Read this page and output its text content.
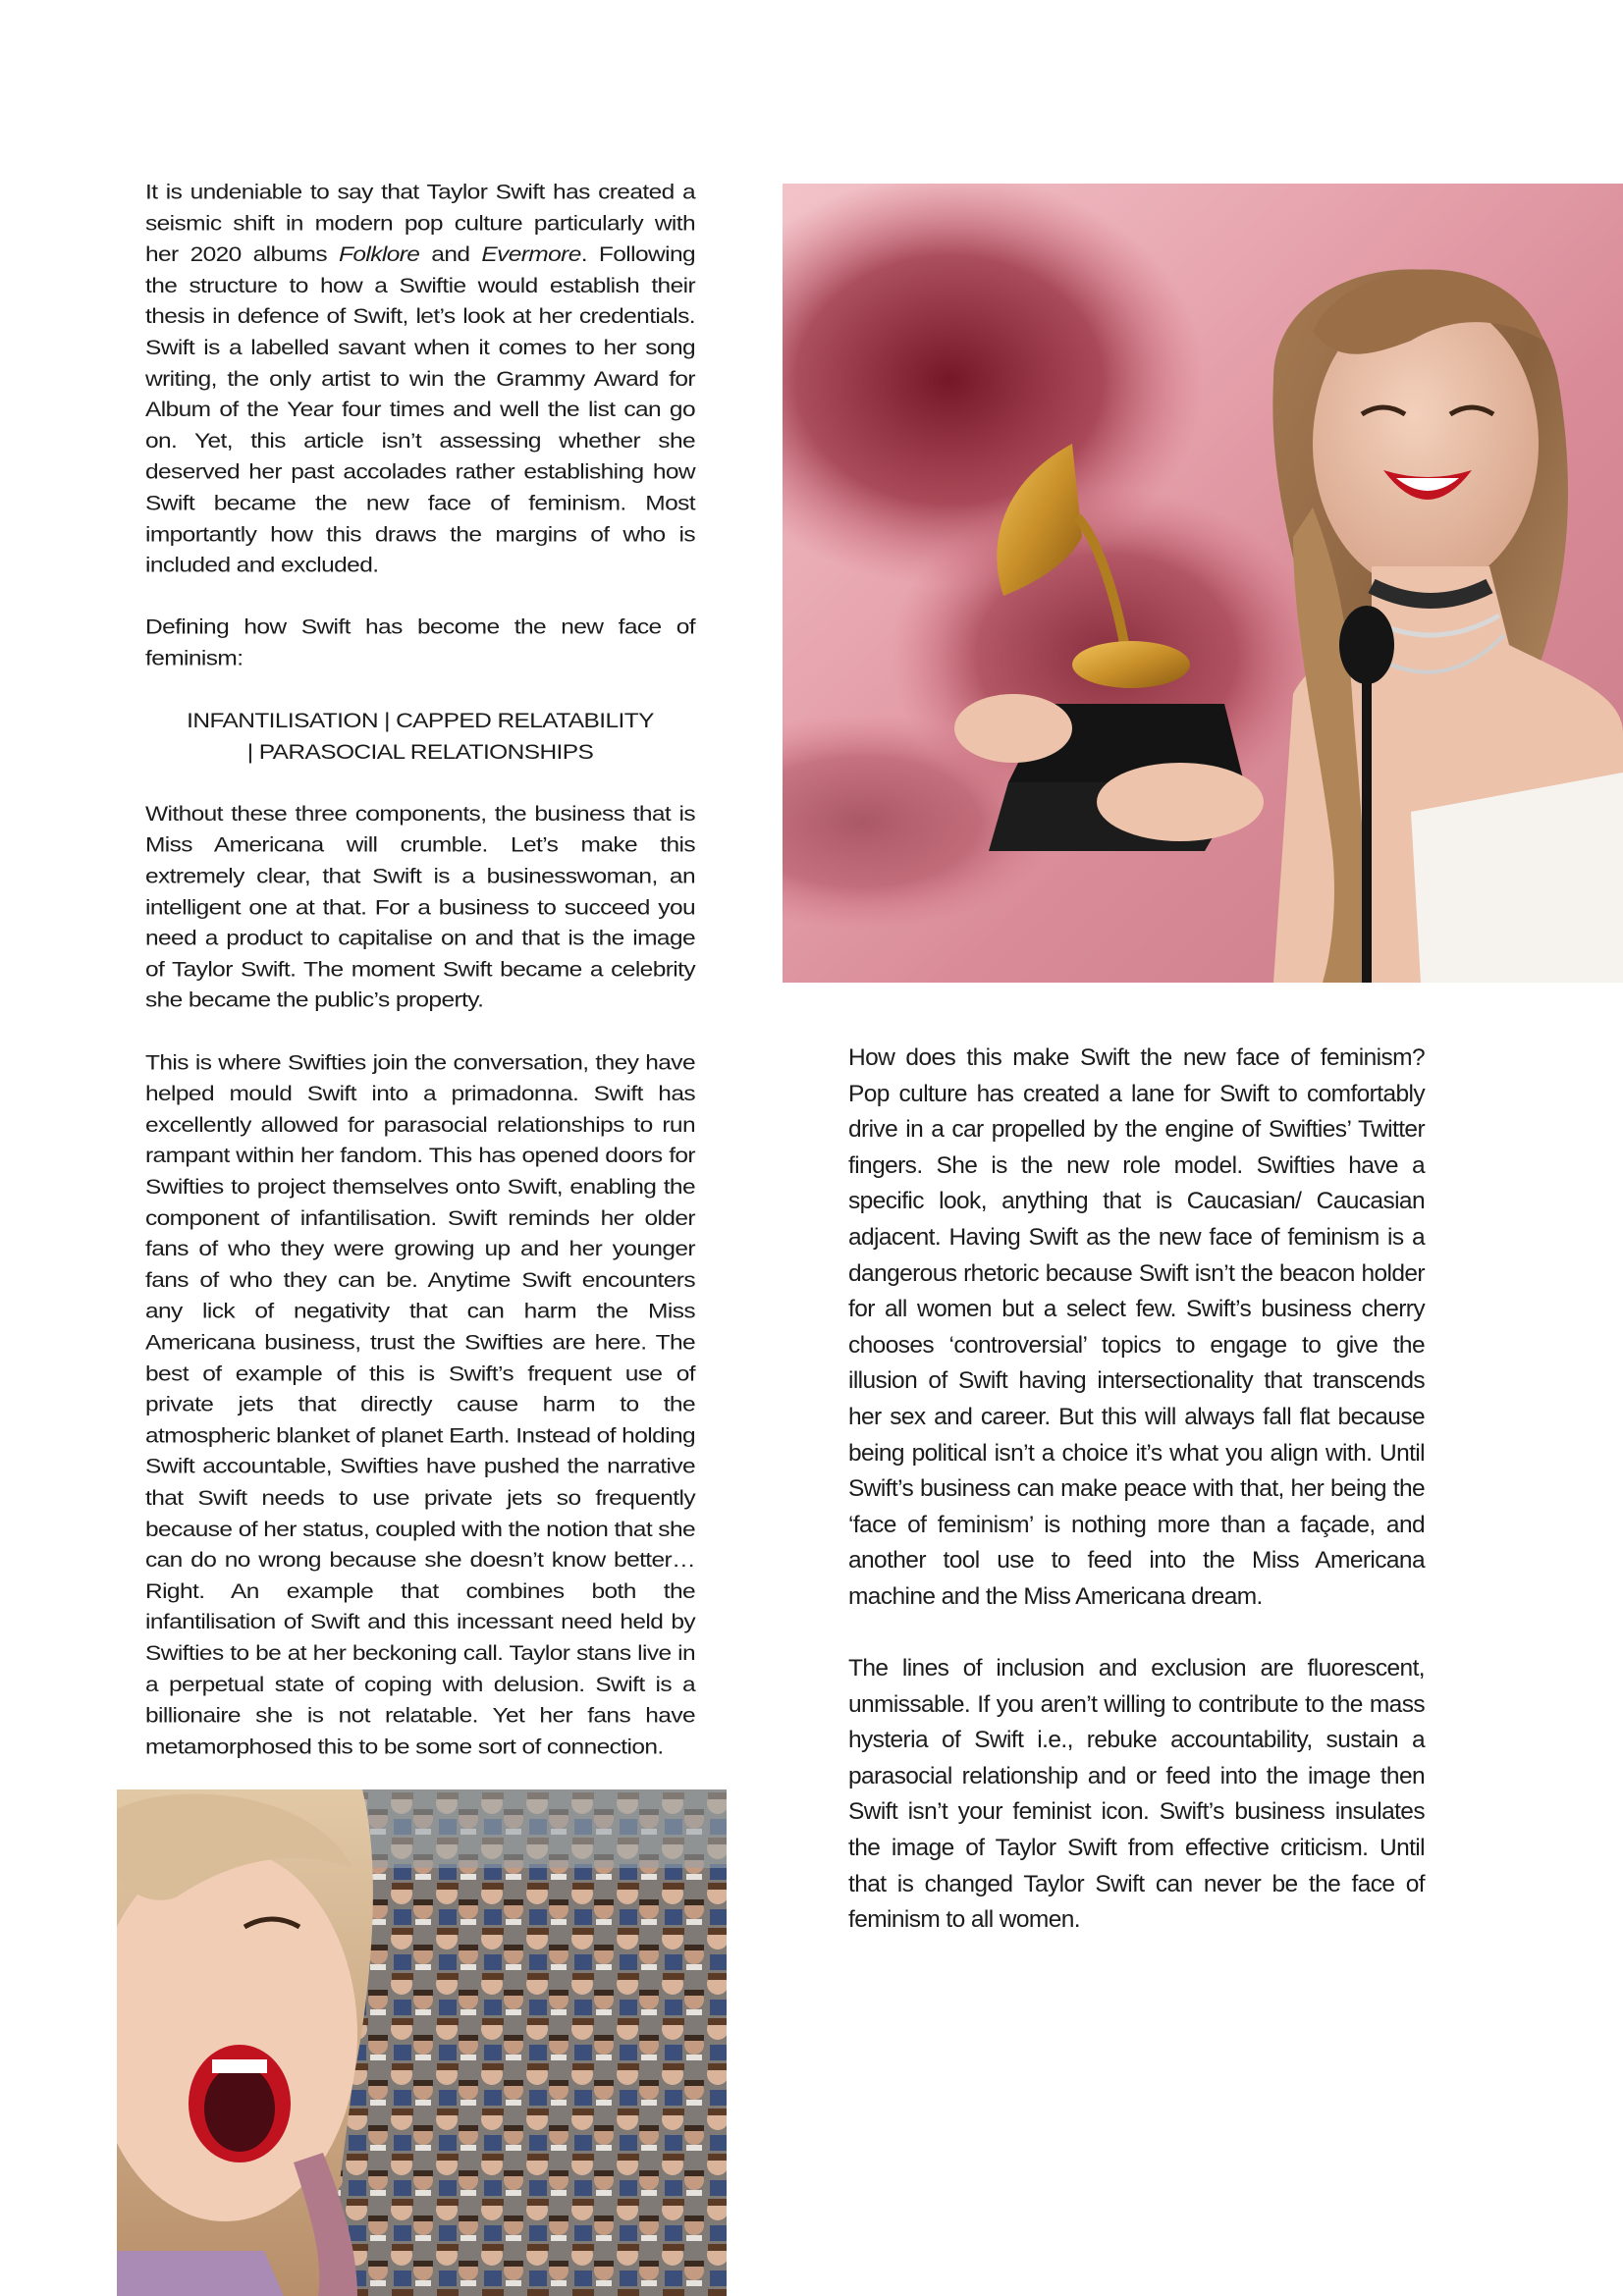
It is undeniable to say that Taylor Swift has created a seismic shift in modern pop culture particularly with her 2020 albums Folklore and Evermore. Following the structure to how a Swiftie would establish their thesis in defence of Swift, let’s look at her credentials. Swift is a labelled savant when it comes to her song writing, the only artist to win the Grammy Award for Album of the Year four times and well the list can go on. Yet, this article isn’t assessing whether she deserved her past accolades rather establishing how Swift became the new face of feminism. Most importantly how this draws the margins of who is included and excluded.

Defining how Swift has become the new face of feminism:

INFANTILISATION | CAPPED RELATABILITY | PARASOCIAL RELATIONSHIPS

Without these three components, the business that is Miss Americana will crumble. Let’s make this extremely clear, that Swift is a businesswoman, an intelligent one at that. For a business to succeed you need a product to capitalise on and that is the image of Taylor Swift. The moment Swift became a celebrity she became the public’s property.

This is where Swifties join the conversation, they have helped mould Swift into a primadonna. Swift has excellently allowed for parasocial relationships to run rampant within her fandom. This has opened doors for Swifties to project themselves onto Swift, enabling the component of infantilisation. Swift reminds her older fans of who they were growing up and her younger fans of who they can be. Anytime Swift encounters any lick of negativity that can harm the Miss Americana business, trust the Swifties are here. The best of example of this is Swift’s frequent use of private jets that directly cause harm to the atmospheric blanket of planet Earth. Instead of holding Swift accountable, Swifties have pushed the narrative that Swift needs to use private jets so frequently because of her status, coupled with the notion that she can do no wrong because she doesn’t know better… Right. An example that combines both the infantilisation of Swift and this incessant need held by Swifties to be at her beckoning call. Taylor stans live in a perpetual state of coping with delusion. Swift is a billionaire she is not relatable. Yet her fans have metamorphosed this to be some sort of connection.

How does this make Swift the new face of feminism? Pop culture has created a lane for Swift to comfortably drive in a car propelled by the engine of Swifties’ Twitter fingers. She is the new role model. Swifties have a specific look, anything that is Caucasian/ Caucasian adjacent. Having Swift as the new face of feminism is a dangerous rhetoric because Swift isn’t the beacon holder for all women but a select few. Swift’s business cherry chooses ‘controversial’ topics to engage to give the illusion of Swift having intersectionality that transcends her sex and career. But this will always fall flat because being political isn’t a choice it’s what you align with. Until Swift’s business can make peace with that, her being the ‘face of feminism’ is nothing more than a façade, and another tool use to feed into the Miss Americana machine and the Miss Americana dream.

The lines of inclusion and exclusion are fluorescent, unmissable. If you aren’t willing to contribute to the mass hysteria of Swift i.e., rebuke accountability, sustain a parasocial relationship and or feed into the image then Swift isn’t your feminist icon. Swift’s business insulates the image of Taylor Swift from effective criticism. Until that is changed Taylor Swift can never be the face of feminism to all women.
